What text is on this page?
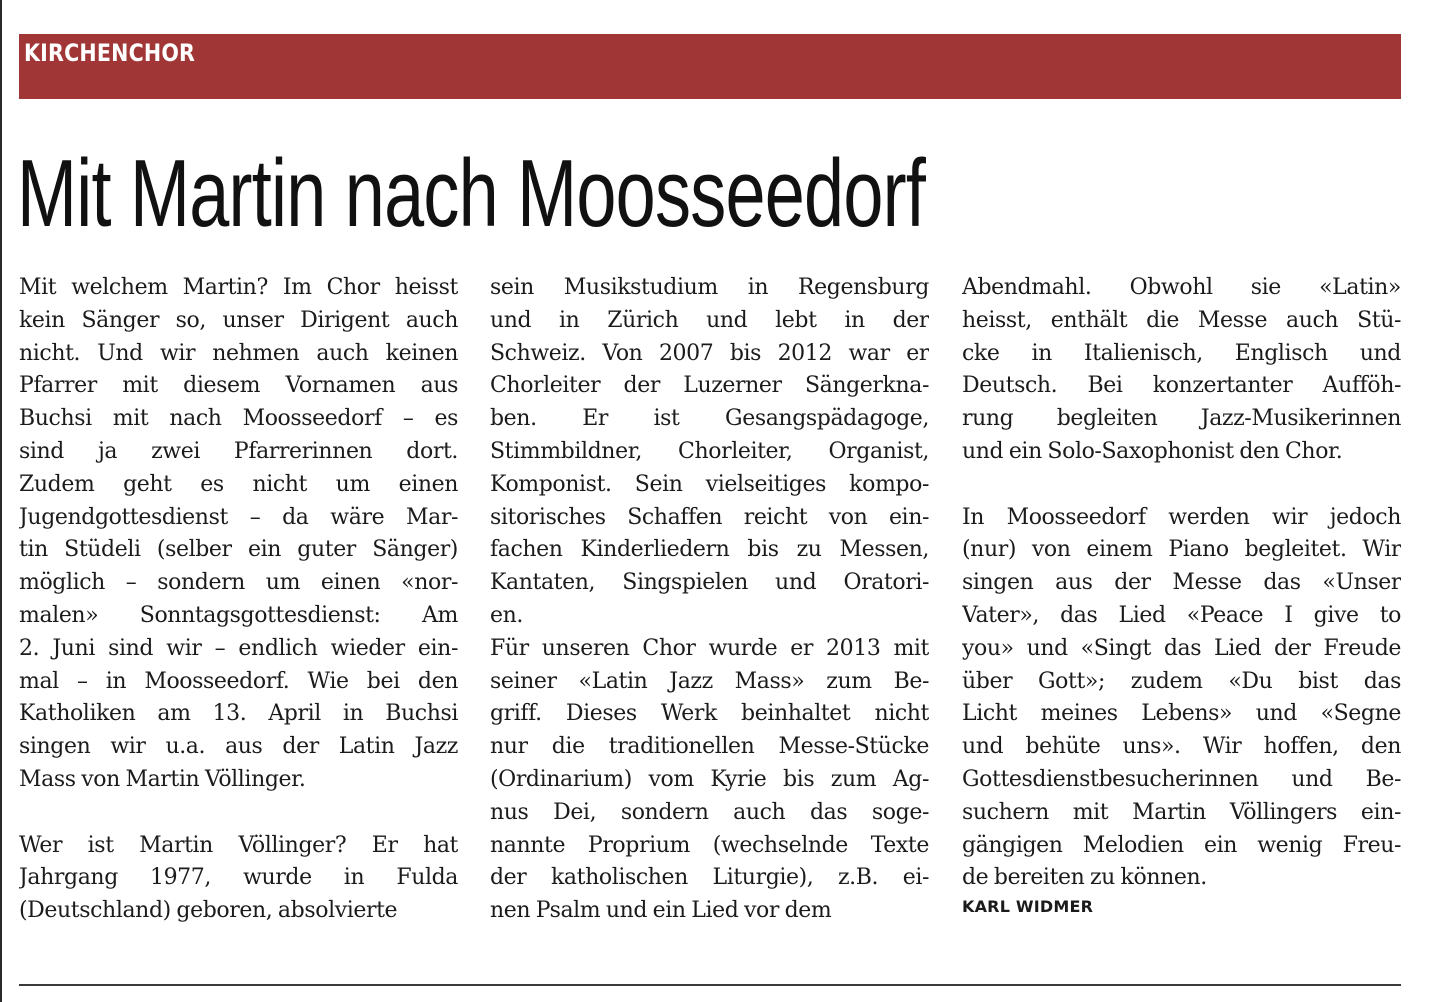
KIRCHENCHOR
Mit Martin nach Moosseedorf
Mit welchem Martin? Im Chor heisst
kein Sänger so, unser Dirigent auch
nicht. Und wir nehmen auch keinen
Pfarrer mit diesem Vornamen aus
Buchsi mit nach Moosseedorf – es
sind ja zwei Pfarrerinnen dort.
Zudem geht es nicht um einen
Jugendgottesdienst – da wäre Mar-
tin Stüdeli (selber ein guter Sänger)
möglich – sondern um einen «nor-
malen» Sonntagsgottesdienst: Am
2. Juni sind wir – endlich wieder ein-
mal – in Moosseedorf. Wie bei den
Katholiken am 13. April in Buchsi
singen wir u.a. aus der Latin Jazz
Mass von Martin Völlinger.
Wer ist Martin Völlinger? Er hat
Jahrgang 1977, wurde in Fulda
(Deutschland) geboren, absolvierte
sein Musikstudium in Regensburg
und in Zürich und lebt in der
Schweiz. Von 2007 bis 2012 war er
Chorleiter der Luzerner Sängerkna-
ben. Er ist Gesangspädagoge,
Stimmbildner, Chorleiter, Organist,
Komponist. Sein vielseitiges kompo-
sitorisches Schaffen reicht von ein-
fachen Kinderliedern bis zu Messen,
Kantaten, Singspielen und Oratori-
en.
Für unseren Chor wurde er 2013 mit
seiner «Latin Jazz Mass» zum Be-
griff. Dieses Werk beinhaltet nicht
nur die traditionellen Messe-Stücke
(Ordinarium) vom Kyrie bis zum Ag-
nus Dei, sondern auch das soge-
nannte Proprium (wechselnde Texte
der katholischen Liturgie), z.B. ei-
nen Psalm und ein Lied vor dem
Abendmahl. Obwohl sie «Latin»
heisst, enthält die Messe auch Stü-
cke in Italienisch, Englisch und
Deutsch. Bei konzertanter Aufföh-
rung begleiten Jazz-Musikerinnen
und ein Solo-Saxophonist den Chor.
In Moosseedorf werden wir jedoch
(nur) von einem Piano begleitet. Wir
singen aus der Messe das «Unser
Vater», das Lied «Peace I give to
you» und «Singt das Lied der Freude
über Gott»; zudem «Du bist das
Licht meines Lebens» und «Segne
und behüte uns». Wir hoffen, den
Gottesdienstbesucherinnen und Be-
suchern mit Martin Völlingers ein-
gängigen Melodien ein wenig Freu-
de bereiten zu können.
KARL WIDMER
